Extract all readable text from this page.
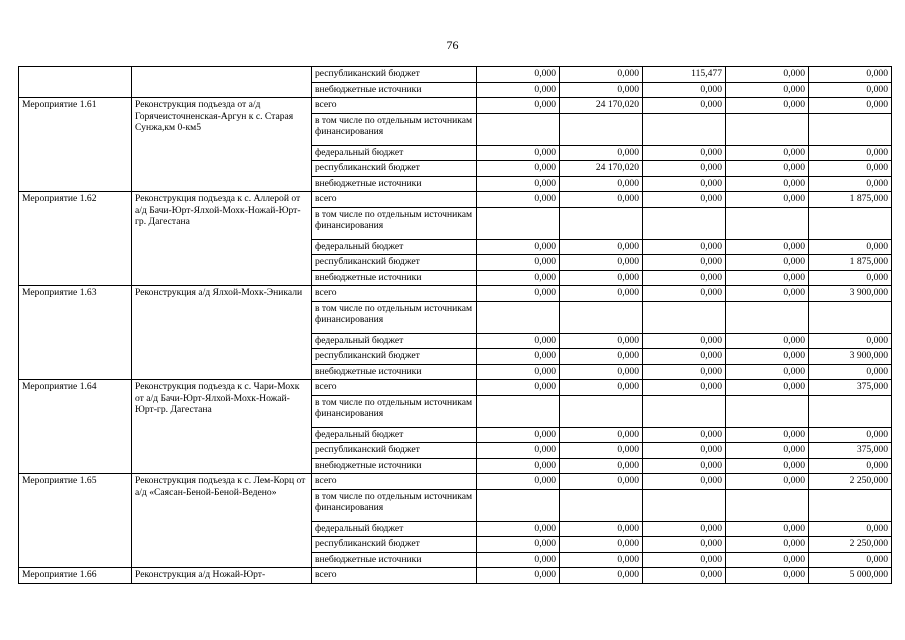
76
		республиканский бюджет	0,000	0,000	115,477	0,000	0,000
		внебюджетные источники	0,000	0,000	0,000	0,000	0,000
Мероприятие 1.61	Реконструкция подъезда от а/д Горячеисточненская-Аргун к с. Старая Сунжа,км 0-км5	всего	0,000	24 170,020	0,000	0,000	0,000
		в том числе по отдельным источникам финансирования					
		федеральный бюджет	0,000	0,000	0,000	0,000	0,000
		республиканский бюджет	0,000	24 170,020	0,000	0,000	0,000
		внебюджетные источники	0,000	0,000	0,000	0,000	0,000
Мероприятие 1.62	Реконструкция подъезда к с. Аллерой от а/д Бачи-Юрт-Ялхой-Мохк-Ножай-Юрт-гр. Дагестана	всего	0,000	0,000	0,000	0,000	1 875,000
		в том числе по отдельным источникам финансирования					
		федеральный бюджет	0,000	0,000	0,000	0,000	0,000
		республиканский бюджет	0,000	0,000	0,000	0,000	1 875,000
		внебюджетные источники	0,000	0,000	0,000	0,000	0,000
Мероприятие 1.63	Реконструкция а/д Ялхой-Мохк-Эникали	всего	0,000	0,000	0,000	0,000	3 900,000
		в том числе по отдельным источникам финансирования					
		федеральный бюджет	0,000	0,000	0,000	0,000	0,000
		республиканский бюджет	0,000	0,000	0,000	0,000	3 900,000
		внебюджетные источники	0,000	0,000	0,000	0,000	0,000
Мероприятие 1.64	Реконструкция подъезда к с. Чари-Мохк от а/д Бачи-Юрт-Ялхой-Мохк-Ножай-Юрт-гр. Дагестана	всего	0,000	0,000	0,000	0,000	375,000
		в том числе по отдельным источникам финансирования					
		федеральный бюджет	0,000	0,000	0,000	0,000	0,000
		республиканский бюджет	0,000	0,000	0,000	0,000	375,000
		внебюджетные источники	0,000	0,000	0,000	0,000	0,000
Мероприятие 1.65	Реконструкция подъезда к с. Лем-Корц от а/д «Саясан-Беной-Беной-Ведено»	всего	0,000	0,000	0,000	0,000	2 250,000
		в том числе по отдельным источникам финансирования					
		федеральный бюджет	0,000	0,000	0,000	0,000	0,000
		республиканский бюджет	0,000	0,000	0,000	0,000	2 250,000
		внебюджетные источники	0,000	0,000	0,000	0,000	0,000
Мероприятие 1.66	Реконструкция а/д Ножай-Юрт-	всего	0,000	0,000	0,000	0,000	5 000,000
